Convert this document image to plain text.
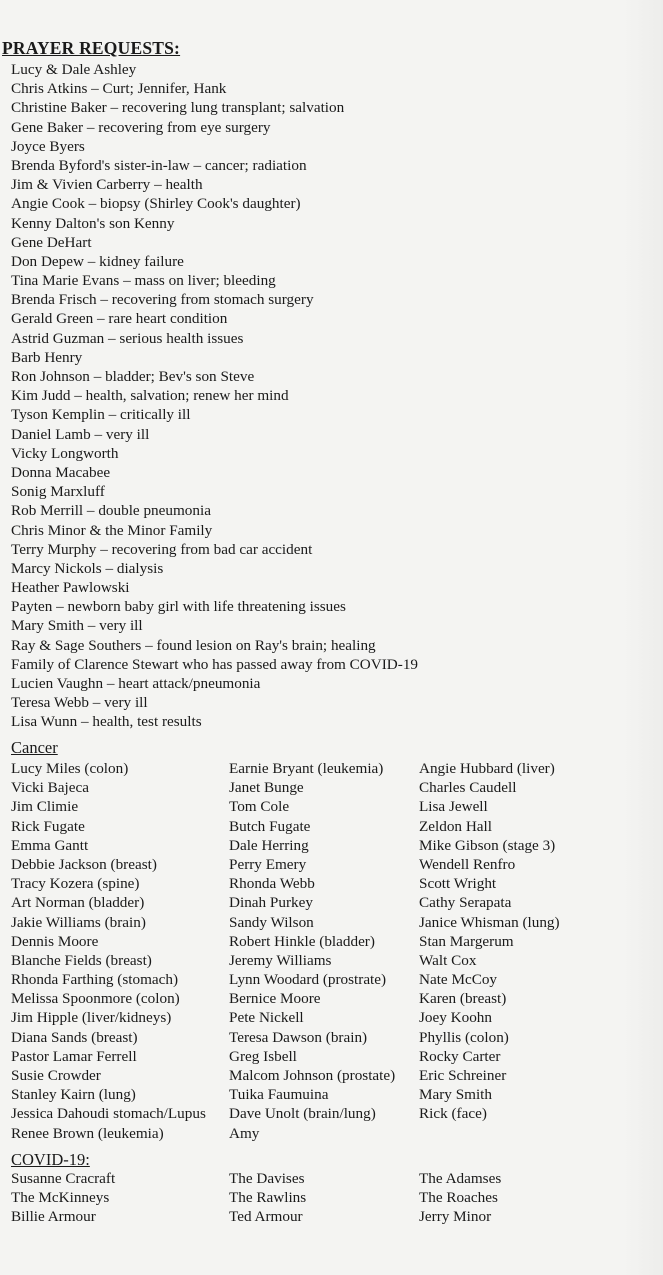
PRAYER REQUESTS:
Lucy & Dale Ashley
Chris Atkins – Curt; Jennifer, Hank
Christine Baker – recovering lung transplant; salvation
Gene Baker – recovering from eye surgery
Joyce Byers
Brenda Byford's sister-in-law – cancer; radiation
Jim & Vivien Carberry – health
Angie Cook – biopsy (Shirley Cook's daughter)
Kenny Dalton's son Kenny
Gene DeHart
Don Depew – kidney failure
Tina Marie Evans – mass on liver; bleeding
Brenda Frisch – recovering from stomach surgery
Gerald Green – rare heart condition
Astrid Guzman – serious health issues
Barb Henry
Ron Johnson – bladder; Bev's son Steve
Kim Judd – health, salvation; renew her mind
Tyson Kemplin – critically ill
Daniel Lamb – very ill
Vicky Longworth
Donna Macabee
Sonig Marxluff
Rob Merrill – double pneumonia
Chris Minor & the Minor Family
Terry Murphy – recovering from bad car accident
Marcy Nickols – dialysis
Heather Pawlowski
Payten – newborn baby girl with life threatening issues
Mary Smith – very ill
Ray & Sage Southers – found lesion on Ray's brain; healing
Family of Clarence Stewart who has passed away from COVID-19
Lucien Vaughn – heart attack/pneumonia
Teresa Webb – very ill
Lisa Wunn – health, test results
Cancer
Lucy Miles (colon)
Vicki Bajeca
Jim Climie
Rick Fugate
Emma Gantt
Debbie Jackson (breast)
Tracy Kozera (spine)
Art Norman (bladder)
Jakie Williams (brain)
Dennis Moore
Blanche Fields (breast)
Rhonda Farthing (stomach)
Melissa Spoonmore (colon)
Jim Hipple (liver/kidneys)
Diana Sands (breast)
Pastor Lamar Ferrell
Susie Crowder
Stanley Kairn (lung)
Jessica Dahoudi stomach/Lupus
Renee Brown (leukemia)
Earnie Bryant (leukemia)
Janet Bunge
Tom Cole
Butch Fugate
Dale Herring
Perry Emery
Rhonda Webb
Dinah Purkey
Sandy Wilson
Robert Hinkle (bladder)
Jeremy Williams
Lynn Woodard (prostrate)
Bernice Moore
Pete Nickell
Teresa Dawson (brain)
Greg Isbell
Malcom Johnson (prostate)
Tuika Faumuina
Dave Unolt (brain/lung)
Amy
Angie Hubbard (liver)
Charles Caudell
Lisa Jewell
Zeldon Hall
Mike Gibson (stage 3)
Wendell Renfro
Scott Wright
Cathy Serapata
Janice Whisman (lung)
Stan Margerum
Walt Cox
Nate McCoy
Karen (breast)
Joey Koohn
Phyllis (colon)
Rocky Carter
Eric Schreiner
Mary Smith
Rick (face)
COVID-19:
Susanne Cracraft
The McKinneys
Billie Armour
The Davises
The Rawlins
Ted Armour
The Adamses
The Roaches
Jerry Minor
